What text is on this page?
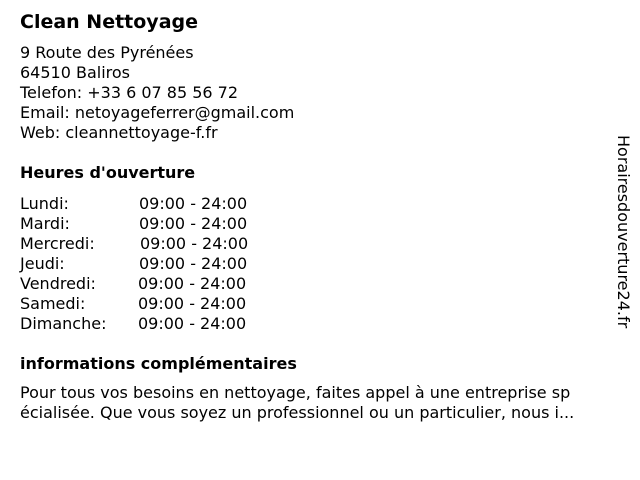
Clean Nettoyage
9 Route des Pyrénées
64510 Baliros
Telefon: +33 6 07 85 56 72
Email: netoyageferrer@gmail.com
Web: cleannettoyage-f.fr
Heures d'ouverture
Lundi:	09:00 - 24:00
Mardi:	09:00 - 24:00
Mercredi:	09:00 - 24:00
Jeudi:	09:00 - 24:00
Vendredi:	09:00 - 24:00
Samedi:	09:00 - 24:00
Dimanche: 09:00 - 24:00
informations complémentaires
Pour tous vos besoins en nettoyage, faites appel à une entreprise sp
écialisée. Que vous soyez un professionnel ou un particulier, nous i...
Horairesdouverture24.fr
